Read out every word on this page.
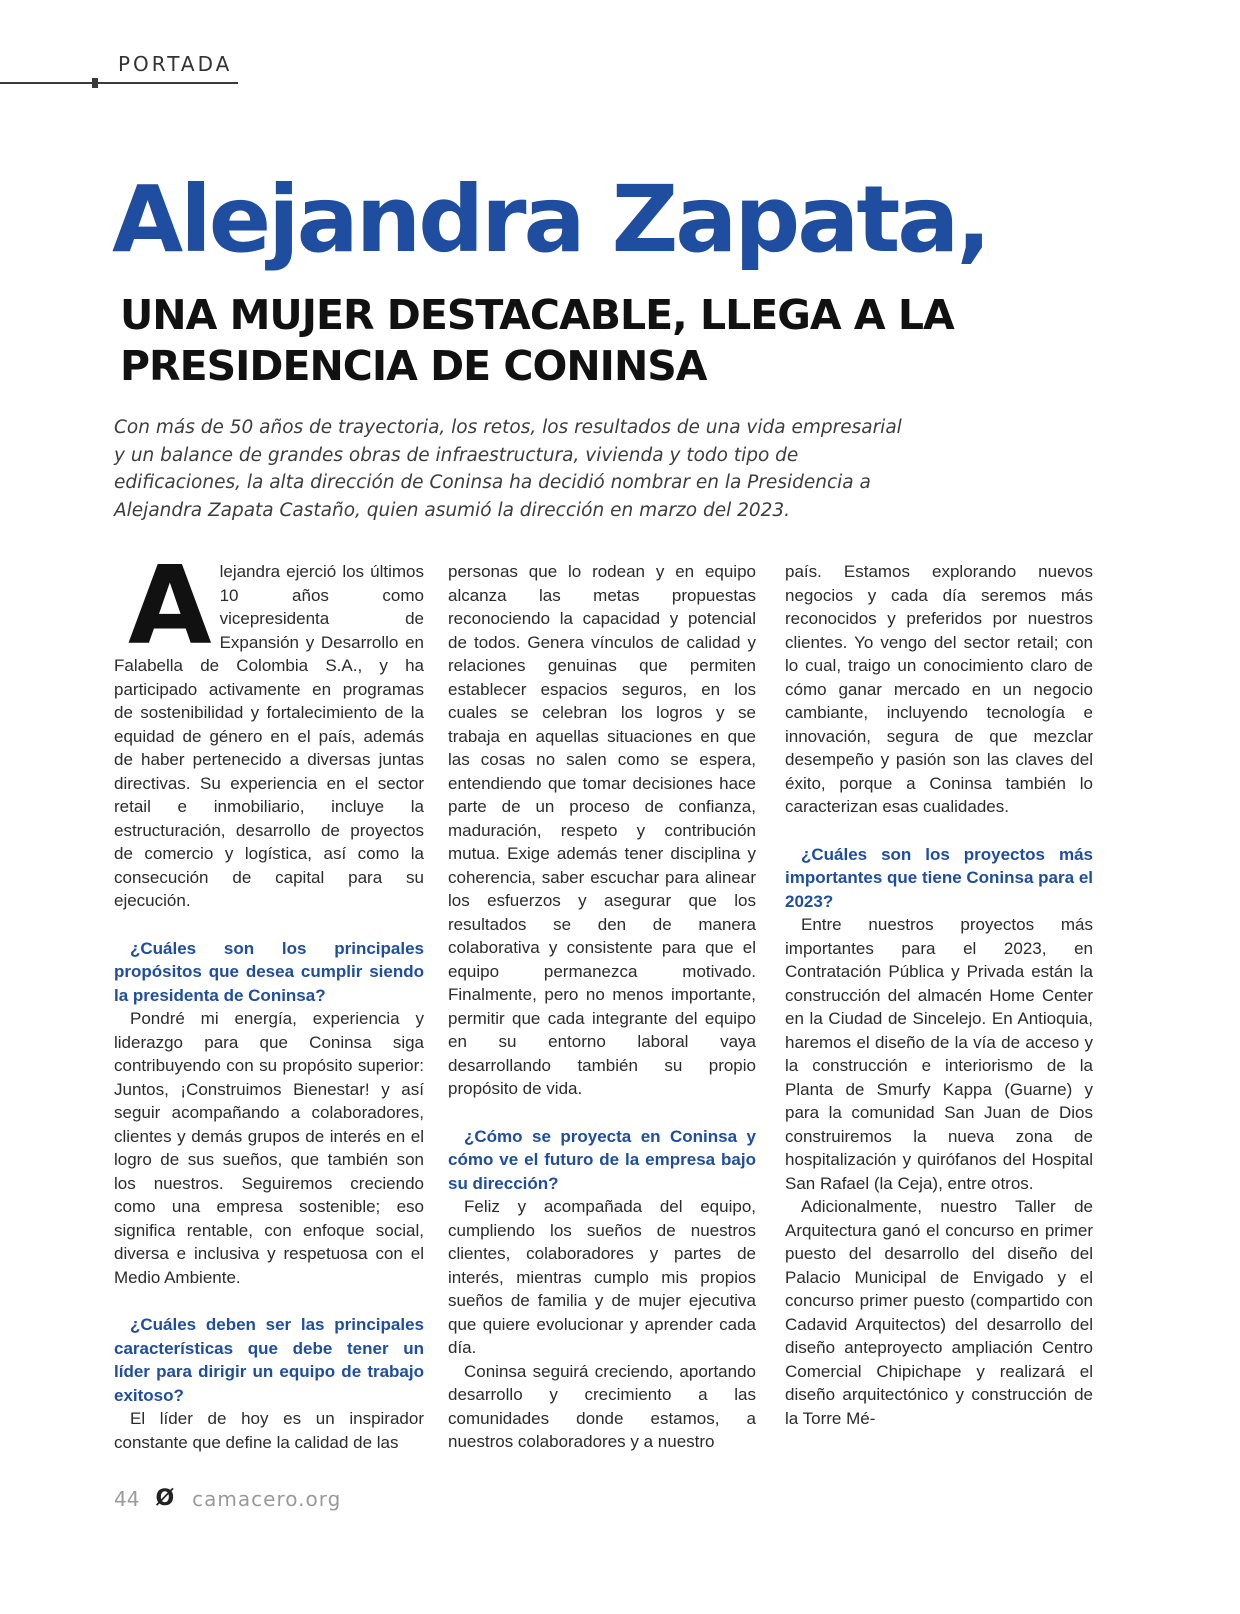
PORTADA
Alejandra Zapata,
UNA MUJER DESTACABLE, LLEGA A LA
PRESIDENCIA DE CONINSA
Con más de 50 años de trayectoria, los retos, los resultados de una vida empresarial
y un balance de grandes obras de infraestructura, vivienda y todo tipo de
edificaciones, la alta dirección de Coninsa ha decidió nombrar en la Presidencia a
Alejandra Zapata Castaño, quien asumió la dirección en marzo del 2023.

Alejandra ejerció los últimos 10 años como vicepresidenta de Expansión y Desarrollo en Falabella de Colombia S.A., y ha participado activamente en programas de sostenibilidad y fortalecimiento de la equidad de género en el país, además de haber pertenecido a diversas juntas directivas. Su experiencia en el sector retail e inmobiliario, incluye la estructuración, desarrollo de proyectos de comercio y logística, así como la consecución de capital para su ejecución.

¿Cuáles son los principales propósitos que desea cumplir siendo la presidenta de Coninsa?

Pondré mi energía, experiencia y liderazgo para que Coninsa siga contribuyendo con su propósito superior: Juntos, ¡Construimos Bienestar! y así seguir acompañando a colaboradores, clientes y demás grupos de interés en el logro de sus sueños, que también son los nuestros. Seguiremos creciendo como una empresa sostenible; eso significa rentable, con enfoque social, diversa e inclusiva y respetuosa con el Medio Ambiente.

¿Cuáles deben ser las principales características que debe tener un líder para dirigir un equipo de trabajo exitoso?

El líder de hoy es un inspirador constante que define la calidad de las

personas que lo rodean y en equipo alcanza las metas propuestas reconociendo la capacidad y potencial de todos. Genera vínculos de calidad y relaciones genuinas que permiten establecer espacios seguros, en los cuales se celebran los logros y se trabaja en aquellas situaciones en que las cosas no salen como se espera, entendiendo que tomar decisiones hace parte de un proceso de confianza, maduración, respeto y contribución mutua. Exige además tener disciplina y coherencia, saber escuchar para alinear los esfuerzos y asegurar que los resultados se den de manera colaborativa y consistente para que el equipo permanezca motivado. Finalmente, pero no menos importante, permitir que cada integrante del equipo en su entorno laboral vaya desarrollando también su propio propósito de vida.

¿Cómo se proyecta en Coninsa y cómo ve el futuro de la empresa bajo su dirección?

Feliz y acompañada del equipo, cumpliendo los sueños de nuestros clientes, colaboradores y partes de interés, mientras cumplo mis propios sueños de familia y de mujer ejecutiva que quiere evolucionar y aprender cada día.

Coninsa seguirá creciendo, aportando desarrollo y crecimiento a las comunidades donde estamos, a nuestros colaboradores y a nuestro

país. Estamos explorando nuevos negocios y cada día seremos más reconocidos y preferidos por nuestros clientes. Yo vengo del sector retail; con lo cual, traigo un conocimiento claro de cómo ganar mercado en un negocio cambiante, incluyendo tecnología e innovación, segura de que mezclar desempeño y pasión son las claves del éxito, porque a Coninsa también lo caracterizan esas cualidades.

¿Cuáles son los proyectos más importantes que tiene Coninsa para el 2023?

Entre nuestros proyectos más importantes para el 2023, en Contratación Pública y Privada están la construcción del almacén Home Center en la Ciudad de Sincelejo. En Antioquia, haremos el diseño de la vía de acceso y la construcción e interiorismo de la Planta de Smurfy Kappa (Guarne) y para la comunidad San Juan de Dios construiremos la nueva zona de hospitalización y quirófanos del Hospital San Rafael (la Ceja), entre otros.

Adicionalmente, nuestro Taller de Arquitectura ganó el concurso en primer puesto del desarrollo del diseño del Palacio Municipal de Envigado y el concurso primer puesto (compartido con Cadavid Arquitectos) del desarrollo del diseño anteproyecto ampliación Centro Comercial Chipichape y realizará el diseño arquitectónico y construcción de la Torre Mé-

44 Ø camacero.org
